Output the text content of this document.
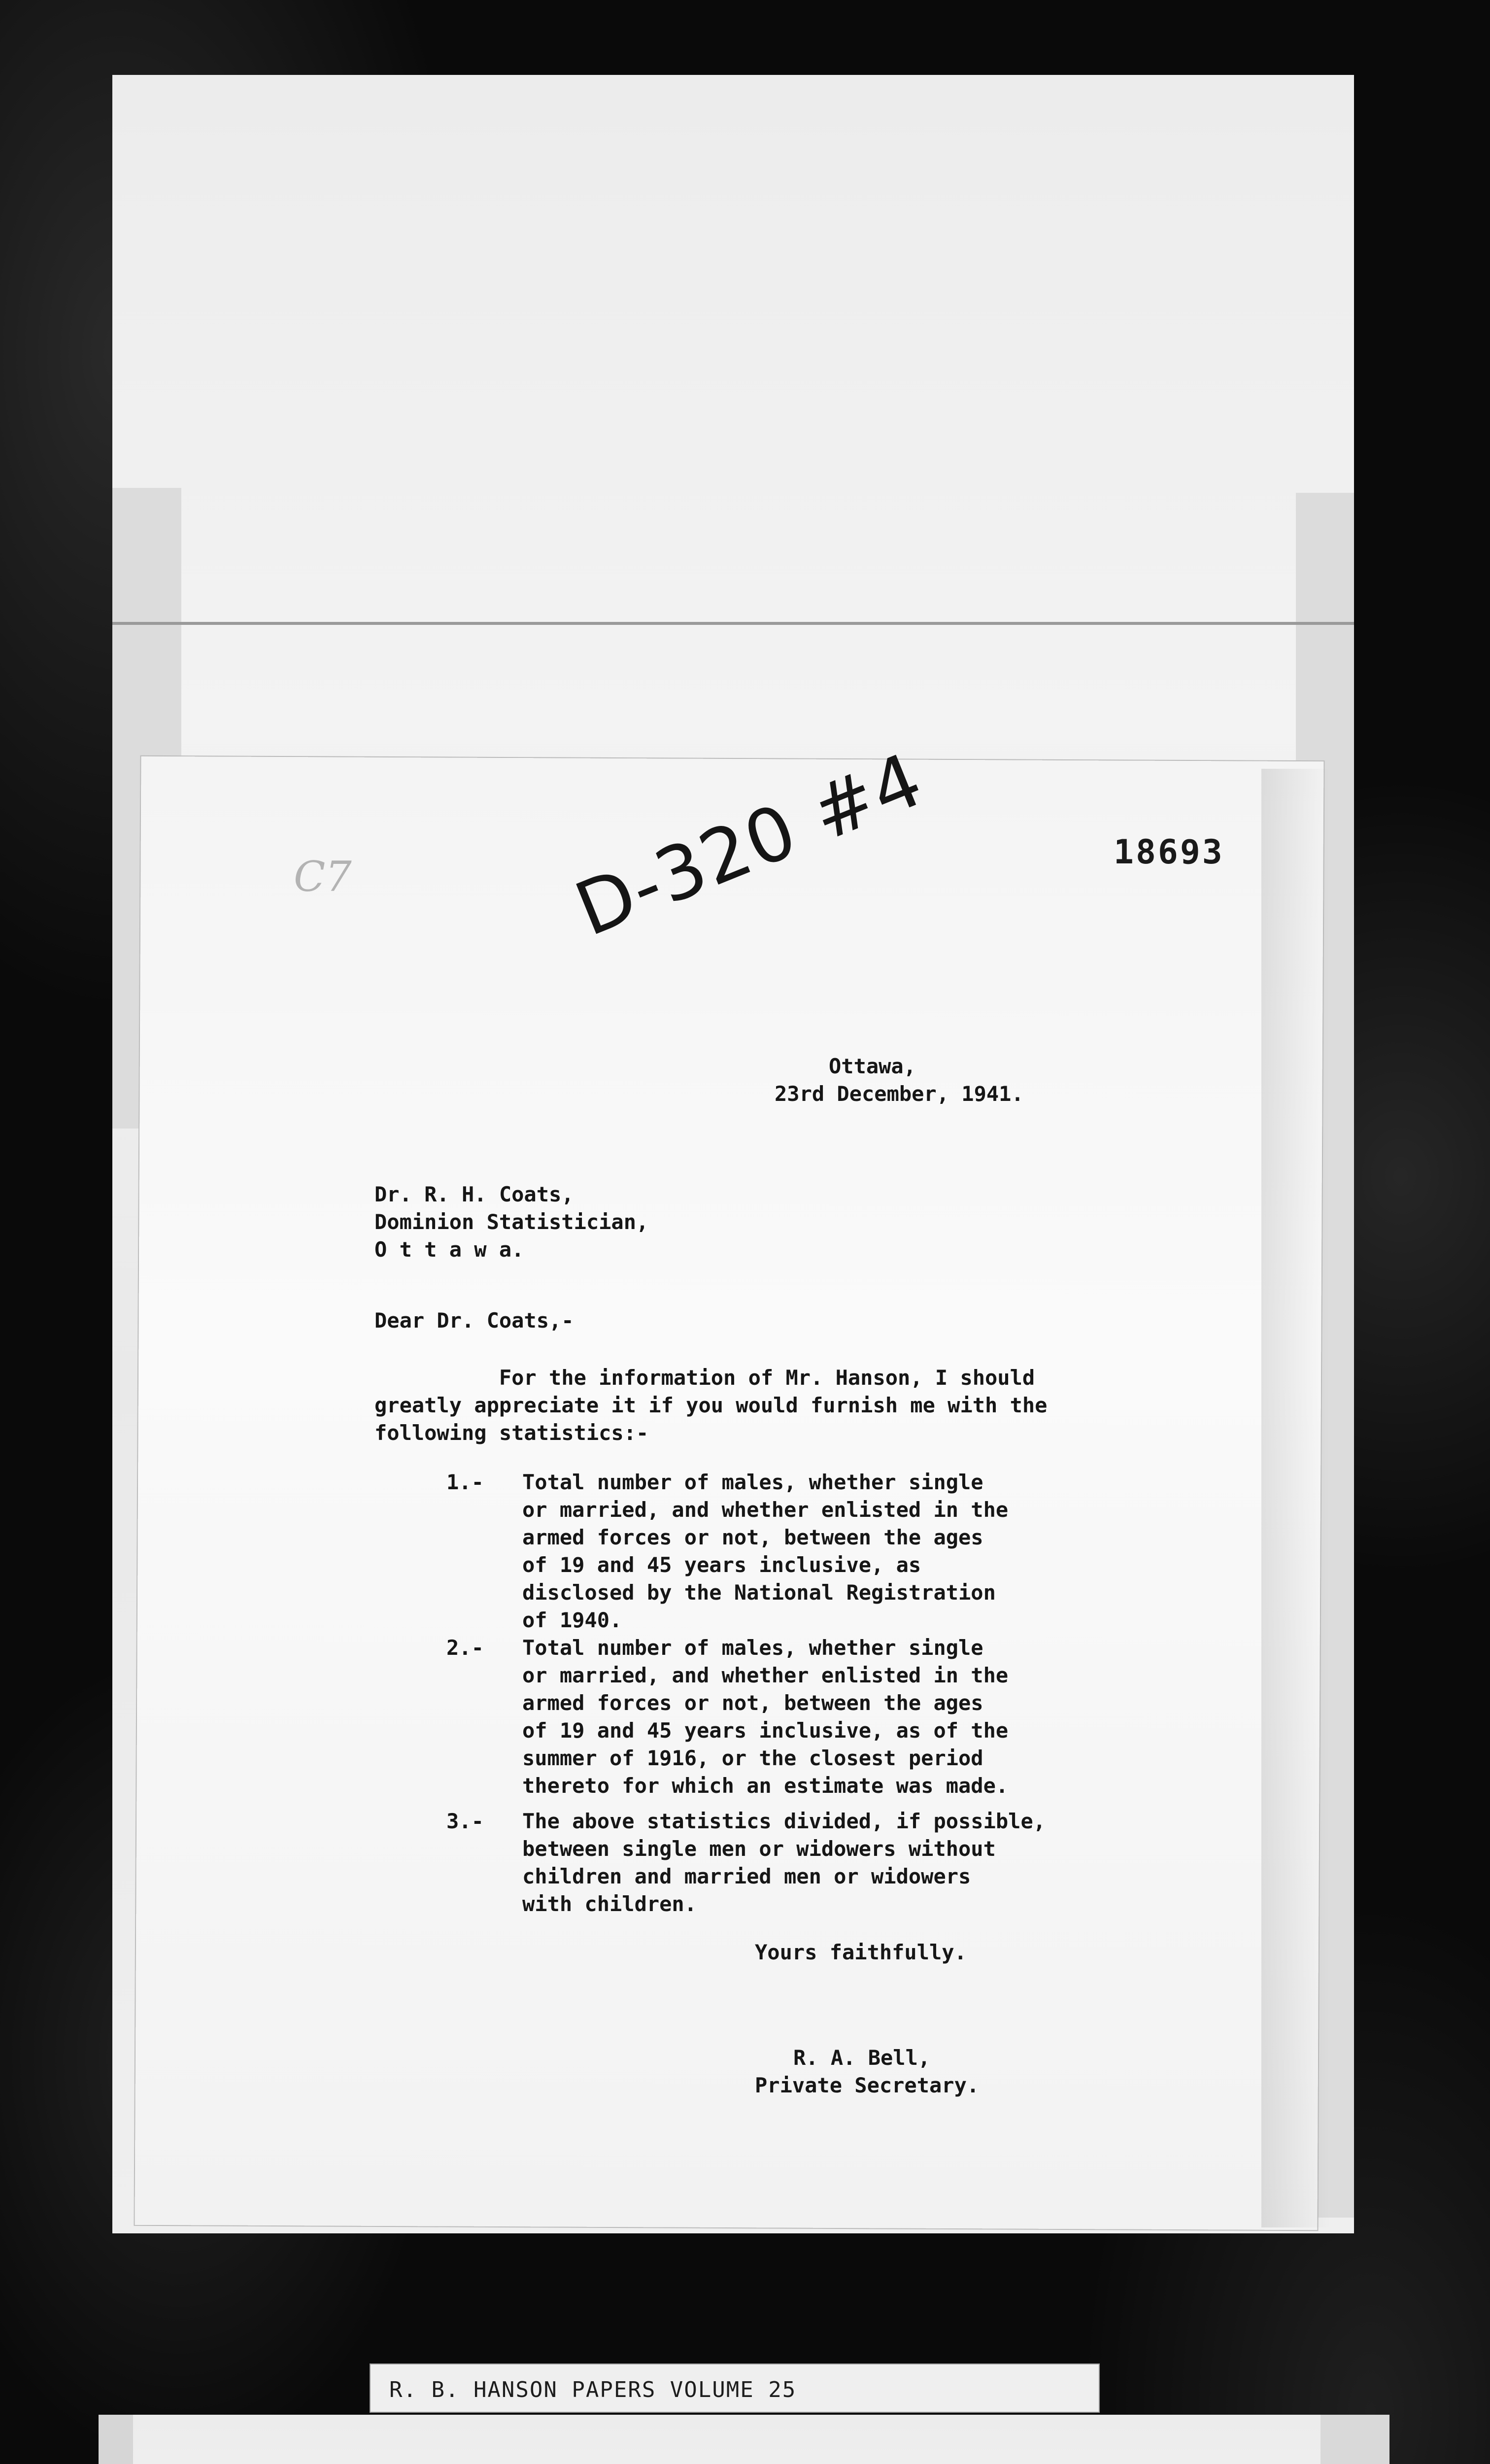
18693
C7	D-320 #4
Ottawa,
23rd December, 1941.
Dr. R. H. Coats,
Dominion Statistician,
O t t a w a.
Dear Dr. Coats,-
For the information of Mr. Hanson, I should
greatly appreciate it if you would furnish me with the
following statistics:-
1.- Total number of males, whether single
or married, and whether enlisted in the
armed forces or not, between the ages
of 19 and 45 years inclusive, as
disclosed by the National Registration
of 1940.
2.- Total number of males, whether single
or married, and whether enlisted in the
armed forces or not, between the ages
of 19 and 45 years inclusive, as of the
summer of 1916, or the closest period
thereto for which an estimate was made.
3.- The above statistics divided, if possible,
between single men or widowers without
children and married men or widowers
with children.
Yours faithfully.
R. A. Bell,
Private Secretary.
R. B. HANSON PAPERS VOLUME 25
